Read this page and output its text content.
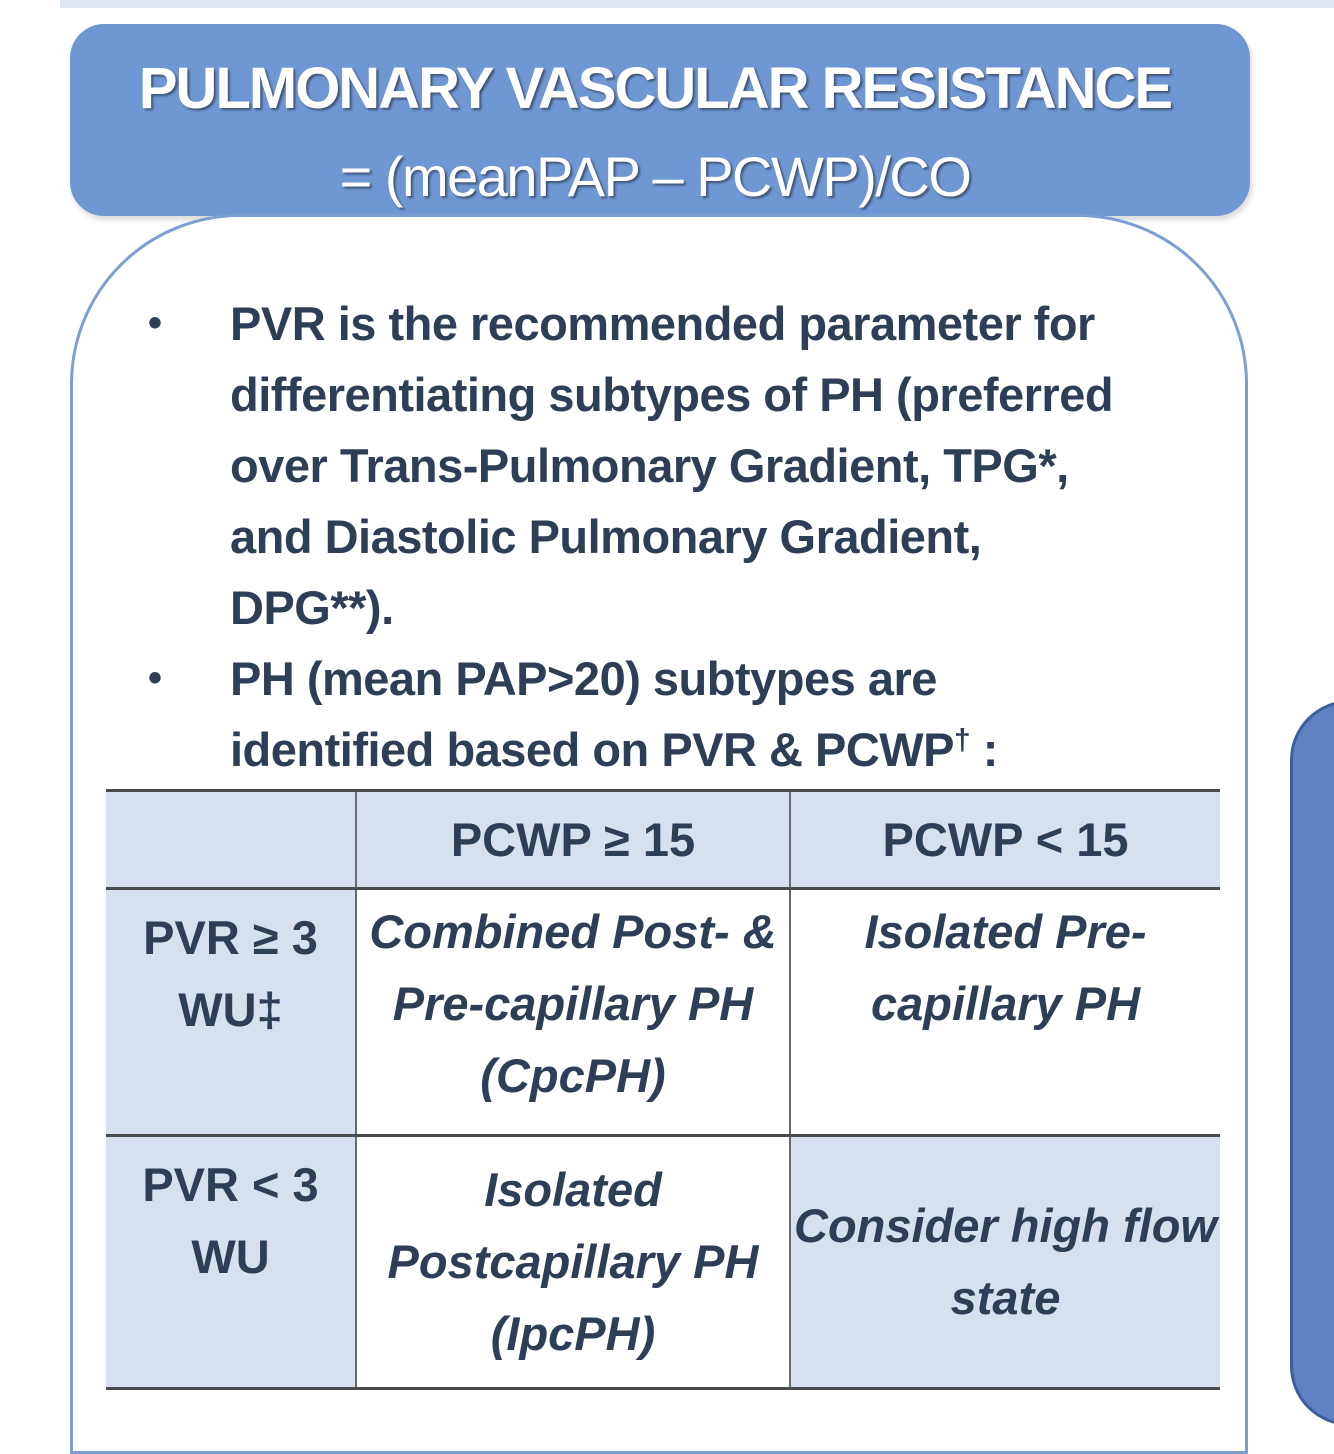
PULMONARY VASCULAR RESISTANCE
= (meanPAP – PCWP)/CO
• PVR is the recommended parameter for differentiating subtypes of PH (preferred over Trans-Pulmonary Gradient, TPG*, and Diastolic Pulmonary Gradient, DPG**).
• PH (mean PAP>20) subtypes are identified based on PVR & PCWP† :
	PCWP ≥ 15	PCWP < 15
PVR ≥ 3 WU‡	Combined Post- & Pre-capillary PH (CpcPH)	Isolated Pre-capillary PH
PVR < 3 WU	Isolated Postcapillary PH (IpcPH)	Consider high flow state
